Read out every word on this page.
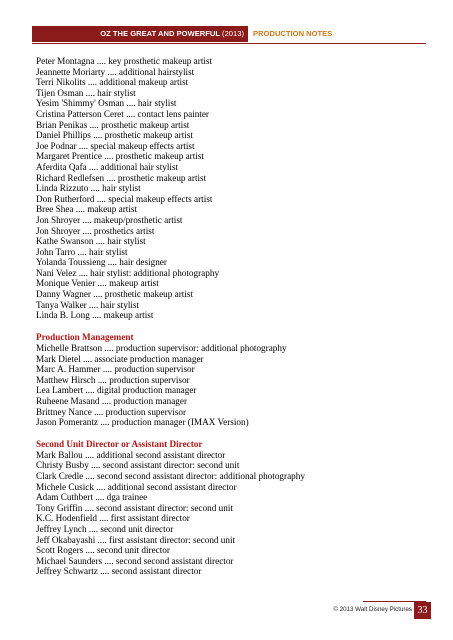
OZ THE GREAT AND POWERFUL (2013)	PRODUCTION NOTES
Peter Montagna .... key prosthetic makeup artist
Jeannette Moriarty .... additional hairstylist
Terri Nikolits .... additional makeup artist
Tijen Osman .... hair stylist
Yesim 'Shimmy' Osman .... hair stylist
Cristina Patterson Ceret .... contact lens painter
Brian Penikas .... prosthetic makeup artist
Daniel Phillips .... prosthetic makeup artist
Joe Podnar .... special makeup effects artist
Margaret Prentice .... prosthetic makeup artist
Aferdita Qafa .... additional hair stylist
Richard Redlefsen .... prosthetic makeup artist
Linda Rizzuto .... hair stylist
Don Rutherford .... special makeup effects artist
Bree Shea .... makeup artist
Jon Shroyer .... makeup/prosthetic artist
Jon Shroyer .... prosthetics artist
Kathe Swanson .... hair stylist
John Tarro .... hair stylist
Yolanda Toussieng .... hair designer
Nani Velez .... hair stylist: additional photography
Monique Venier .... makeup artist
Danny Wagner .... prosthetic makeup artist
Tanya Walker .... hair stylist
Linda B. Long .... makeup artist
Production Management
Michelle Brattson .... production supervisor: additional photography
Mark Dietel .... associate production manager
Marc A. Hammer .... production supervisor
Matthew Hirsch .... production supervisor
Lea Lambert .... digital production manager
Ruheene Masand .... production manager
Brittney Nance .... production supervisor
Jason Pomerantz .... production manager (IMAX Version)
Second Unit Director or Assistant Director
Mark Ballou .... additional second assistant director
Christy Busby .... second assistant director: second unit
Clark Credle .... second second assistant director: additional photography
Michele Cusick .... additional second assistant director
Adam Cuthbert .... dga trainee
Tony Griffin .... second assistant director: second unit
K.C. Hodenfield .... first assistant director
Jeffrey Lynch .... second unit director
Jeff Okabayashi .... first assistant director: second unit
Scott Rogers .... second unit director
Michael Saunders .... second second assistant director
Jeffrey Schwartz .... second assistant director
© 2013 Walt Disney Pictures 33
